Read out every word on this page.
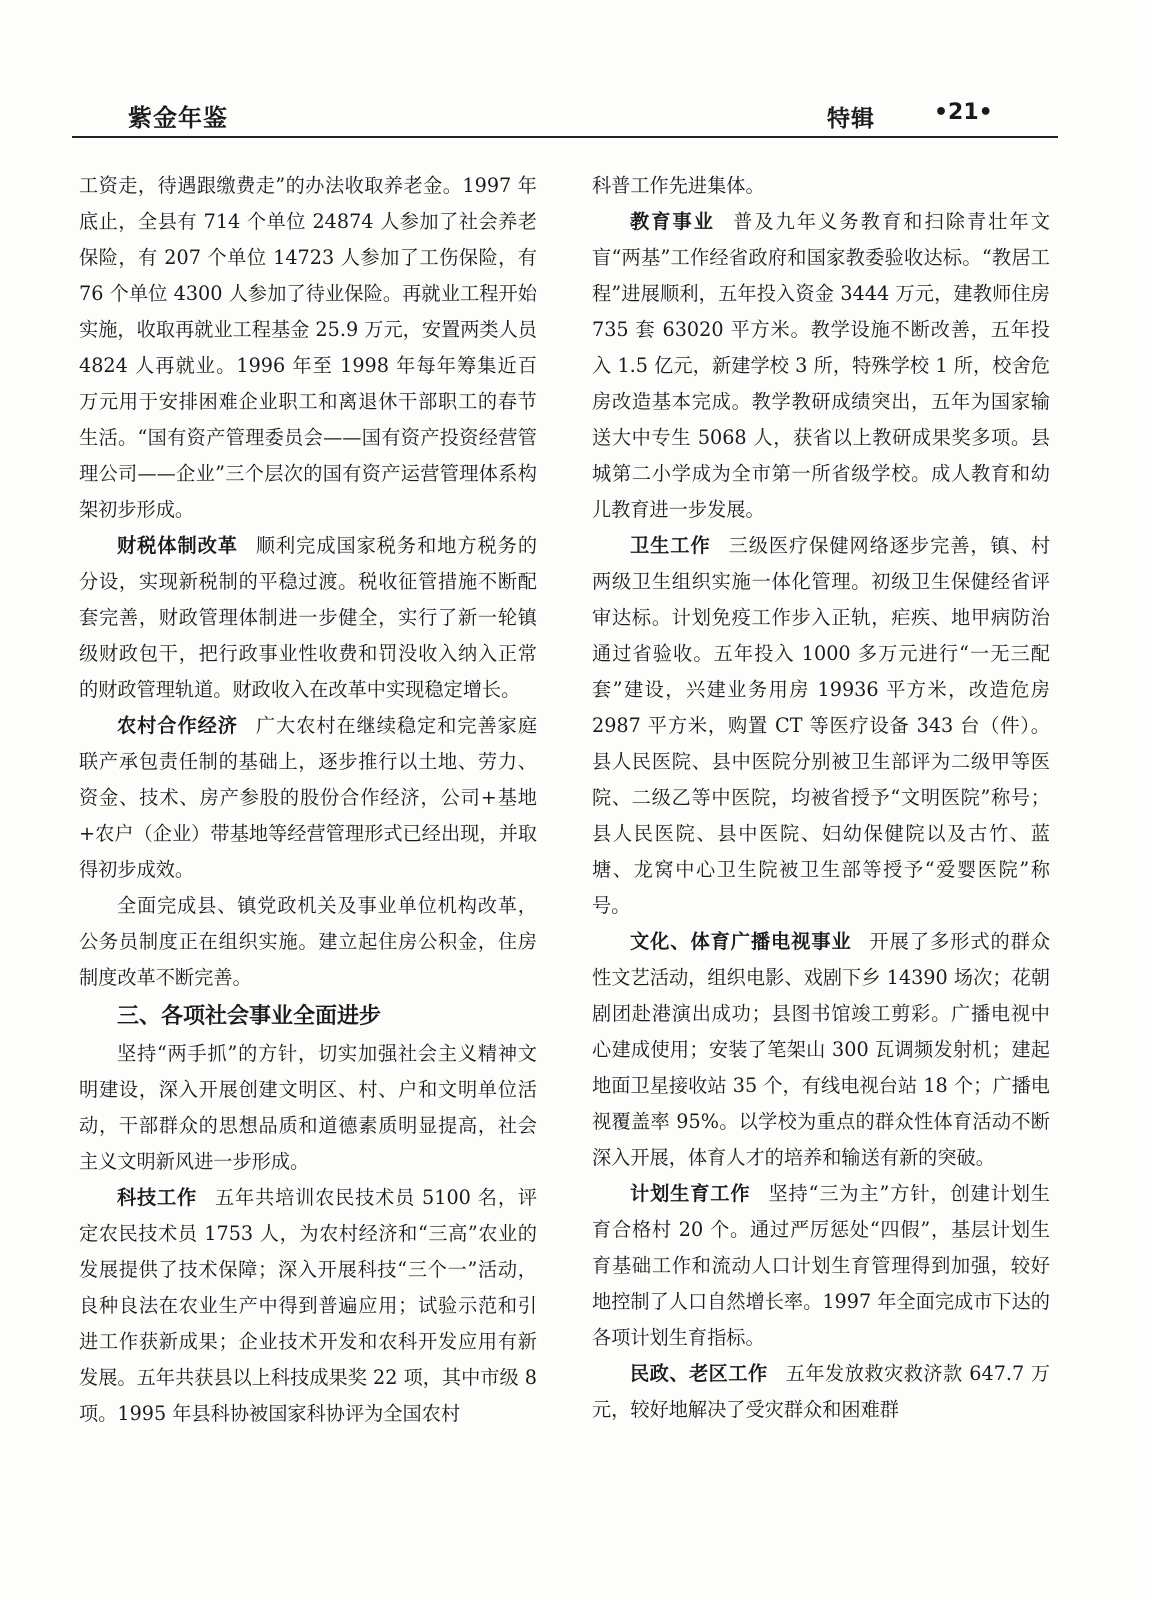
紫金年鉴	特辑	•21•

工资走，待遇跟缴费走”的办法收取养老金。1997 年底止，全县有 714 个单位 24874 人参加了社会养老保险，有 207 个单位 14723 人参加了工伤保险，有 76 个单位 4300 人参加了待业保险。再就业工程开始实施，收取再就业工程基金 25.9 万元，安置两类人员 4824 人再就业。1996 年至 1998 年每年筹集近百万元用于安排困难企业职工和离退休干部职工的春节生活。“国有资产管理委员会——国有资产投资经营管理公司——企业”三个层次的国有资产运营管理体系构架初步形成。

财税体制改革 顺利完成国家税务和地方税务的分设，实现新税制的平稳过渡。税收征管措施不断配套完善，财政管理体制进一步健全，实行了新一轮镇级财政包干，把行政事业性收费和罚没收入纳入正常的财政管理轨道。财政收入在改革中实现稳定增长。

农村合作经济 广大农村在继续稳定和完善家庭联产承包责任制的基础上，逐步推行以土地、劳力、资金、技术、房产参股的股份合作经济，公司+基地+农户（企业）带基地等经营管理形式已经出现，并取得初步成效。

全面完成县、镇党政机关及事业单位机构改革，公务员制度正在组织实施。建立起住房公积金，住房制度改革不断完善。

三、各项社会事业全面进步

坚持“两手抓”的方针，切实加强社会主义精神文明建设，深入开展创建文明区、村、户和文明单位活动，干部群众的思想品质和道德素质明显提高，社会主义文明新风进一步形成。

科技工作 五年共培训农民技术员 5100 名，评定农民技术员 1753 人，为农村经济和“三高”农业的发展提供了技术保障；深入开展科技“三个一”活动，良种良法在农业生产中得到普遍应用；试验示范和引进工作获新成果；企业技术开发和农科开发应用有新发展。五年共获县以上科技成果奖 22 项，其中市级 8 项。1995 年县科协被国家科协评为全国农村

科普工作先进集体。

教育事业 普及九年义务教育和扫除青壮年文盲“两基”工作经省政府和国家教委验收达标。“教居工程”进展顺利，五年投入资金 3444 万元，建教师住房 735 套 63020 平方米。教学设施不断改善，五年投入 1.5 亿元，新建学校 3 所，特殊学校 1 所，校舍危房改造基本完成。教学教研成绩突出，五年为国家输送大中专生 5068 人，获省以上教研成果奖多项。县城第二小学成为全市第一所省级学校。成人教育和幼儿教育进一步发展。

卫生工作 三级医疗保健网络逐步完善，镇、村两级卫生组织实施一体化管理。初级卫生保健经省评审达标。计划免疫工作步入正轨，疟疾、地甲病防治通过省验收。五年投入 1000 多万元进行“一无三配套”建设，兴建业务用房 19936 平方米，改造危房 2987 平方米，购置 CT 等医疗设备 343 台（件）。县人民医院、县中医院分别被卫生部评为二级甲等医院、二级乙等中医院，均被省授予“文明医院”称号；县人民医院、县中医院、妇幼保健院以及古竹、蓝塘、龙窝中心卫生院被卫生部等授予“爱婴医院”称号。

文化、体育广播电视事业 开展了多形式的群众性文艺活动，组织电影、戏剧下乡 14390 场次；花朝剧团赴港演出成功；县图书馆竣工剪彩。广播电视中心建成使用；安装了笔架山 300 瓦调频发射机；建起地面卫星接收站 35 个，有线电视台站 18 个；广播电视覆盖率 95%。以学校为重点的群众性体育活动不断深入开展，体育人才的培养和输送有新的突破。

计划生育工作 坚持“三为主”方针，创建计划生育合格村 20 个。通过严厉惩处“四假”，基层计划生育基础工作和流动人口计划生育管理得到加强，较好地控制了人口自然增长率。1997 年全面完成市下达的各项计划生育指标。

民政、老区工作 五年发放救灾救济款 647.7 万元，较好地解决了受灾群众和困难群
